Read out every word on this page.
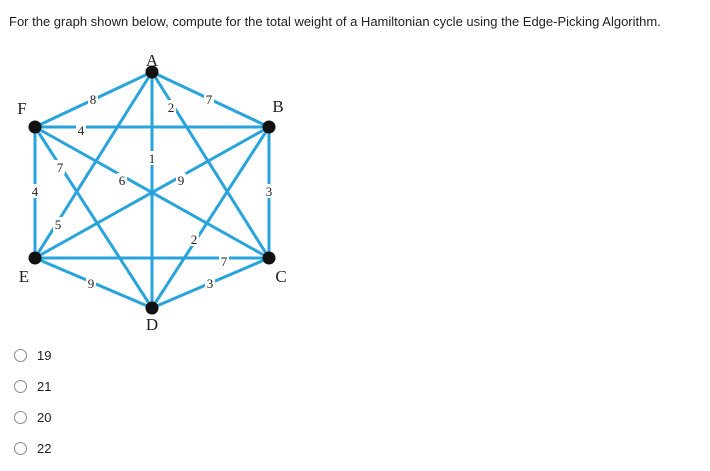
For the graph shown below, compute for the total weight of a Hamiltonian cycle using the Edge-Picking Algorithm.
8	7
4
2
1
6	9
7
4
5
3
2
7
9	3
A
B
C
D
E
F
19
21
20
22
